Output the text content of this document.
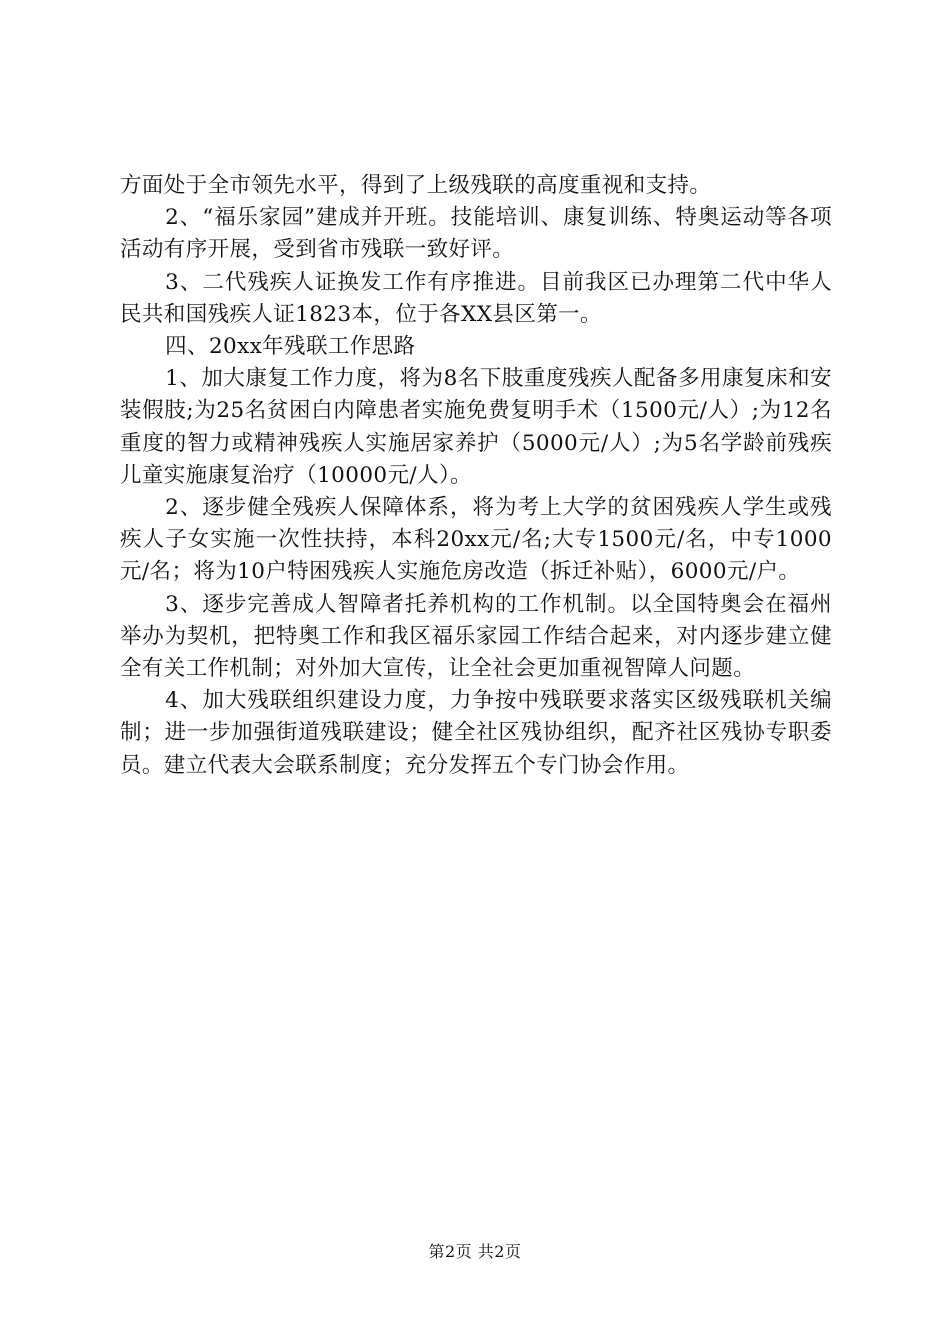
方面处于全市领先水平，得到了上级残联的高度重视和支持。

2、“福乐家园”建成并开班。技能培训、康复训练、特奥运动等各项活动有序开展，受到省市残联一致好评。

3、二代残疾人证换发工作有序推进。目前我区已办理第二代中华人民共和国残疾人证1823本，位于各XX县区第一。

四、20xx年残联工作思路

1、加大康复工作力度，将为8名下肢重度残疾人配备多用康复床和安装假肢;为25名贫困白内障患者实施免费复明手术（1500元/人）;为12名重度的智力或精神残疾人实施居家养护（5000元/人）;为5名学龄前残疾儿童实施康复治疗（10000元/人）。

2、逐步健全残疾人保障体系，将为考上大学的贫困残疾人学生或残疾人子女实施一次性扶持，本科20xx元/名;大专1500元/名，中专1000元/名；将为10户特困残疾人实施危房改造（拆迁补贴），6000元/户。

3、逐步完善成人智障者托养机构的工作机制。以全国特奥会在福州举办为契机，把特奥工作和我区福乐家园工作结合起来，对内逐步建立健全有关工作机制；对外加大宣传，让全社会更加重视智障人问题。

4、加大残联组织建设力度，力争按中残联要求落实区级残联机关编制；进一步加强街道残联建设；健全社区残协组织，配齐社区残协专职委员。建立代表大会联系制度；充分发挥五个专门协会作用。

第2页 共2页
